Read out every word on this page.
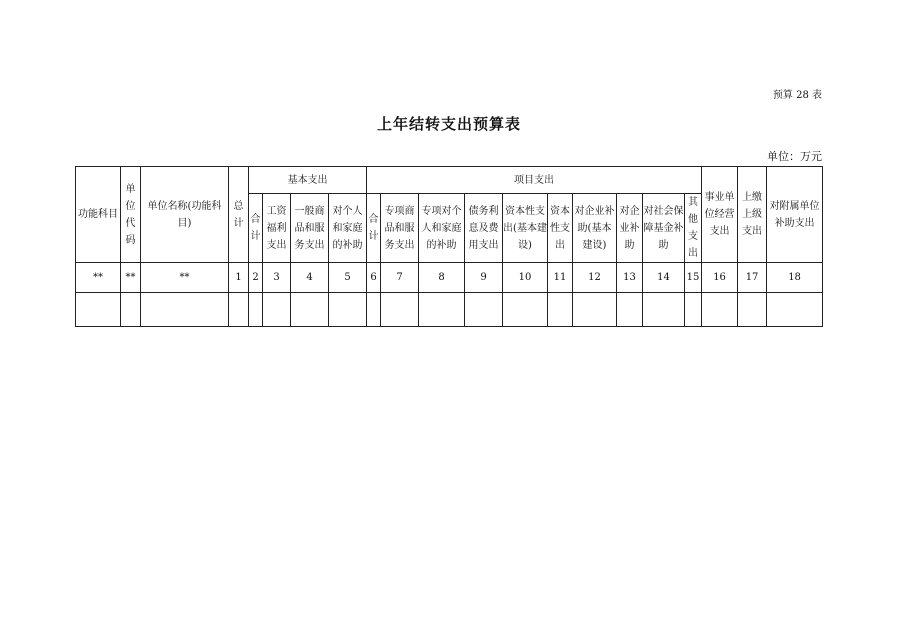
预算 28 表
上年结转支出预算表
单位：万元
功能科目	单位代码	单位名称(功能科目)	总计	基本支出				项目支出										事业单位经营支出	上缴上级支出	对附属单位补助支出
				合计	工资福利支出	一般商品和服务支出	对个人和家庭的补助	合计	专项商品和服务支出	专项对个人和家庭的补助	债务利息及费用支出	资本性支出(基本建设)	资本性支出	对企业补助(基本建设)	对企业补助	对社会保障基金补助	其他支出			
**	**	**	1	2	3	4	5	6	7	8	9	10	11	12	13	14	15	16	17	18
